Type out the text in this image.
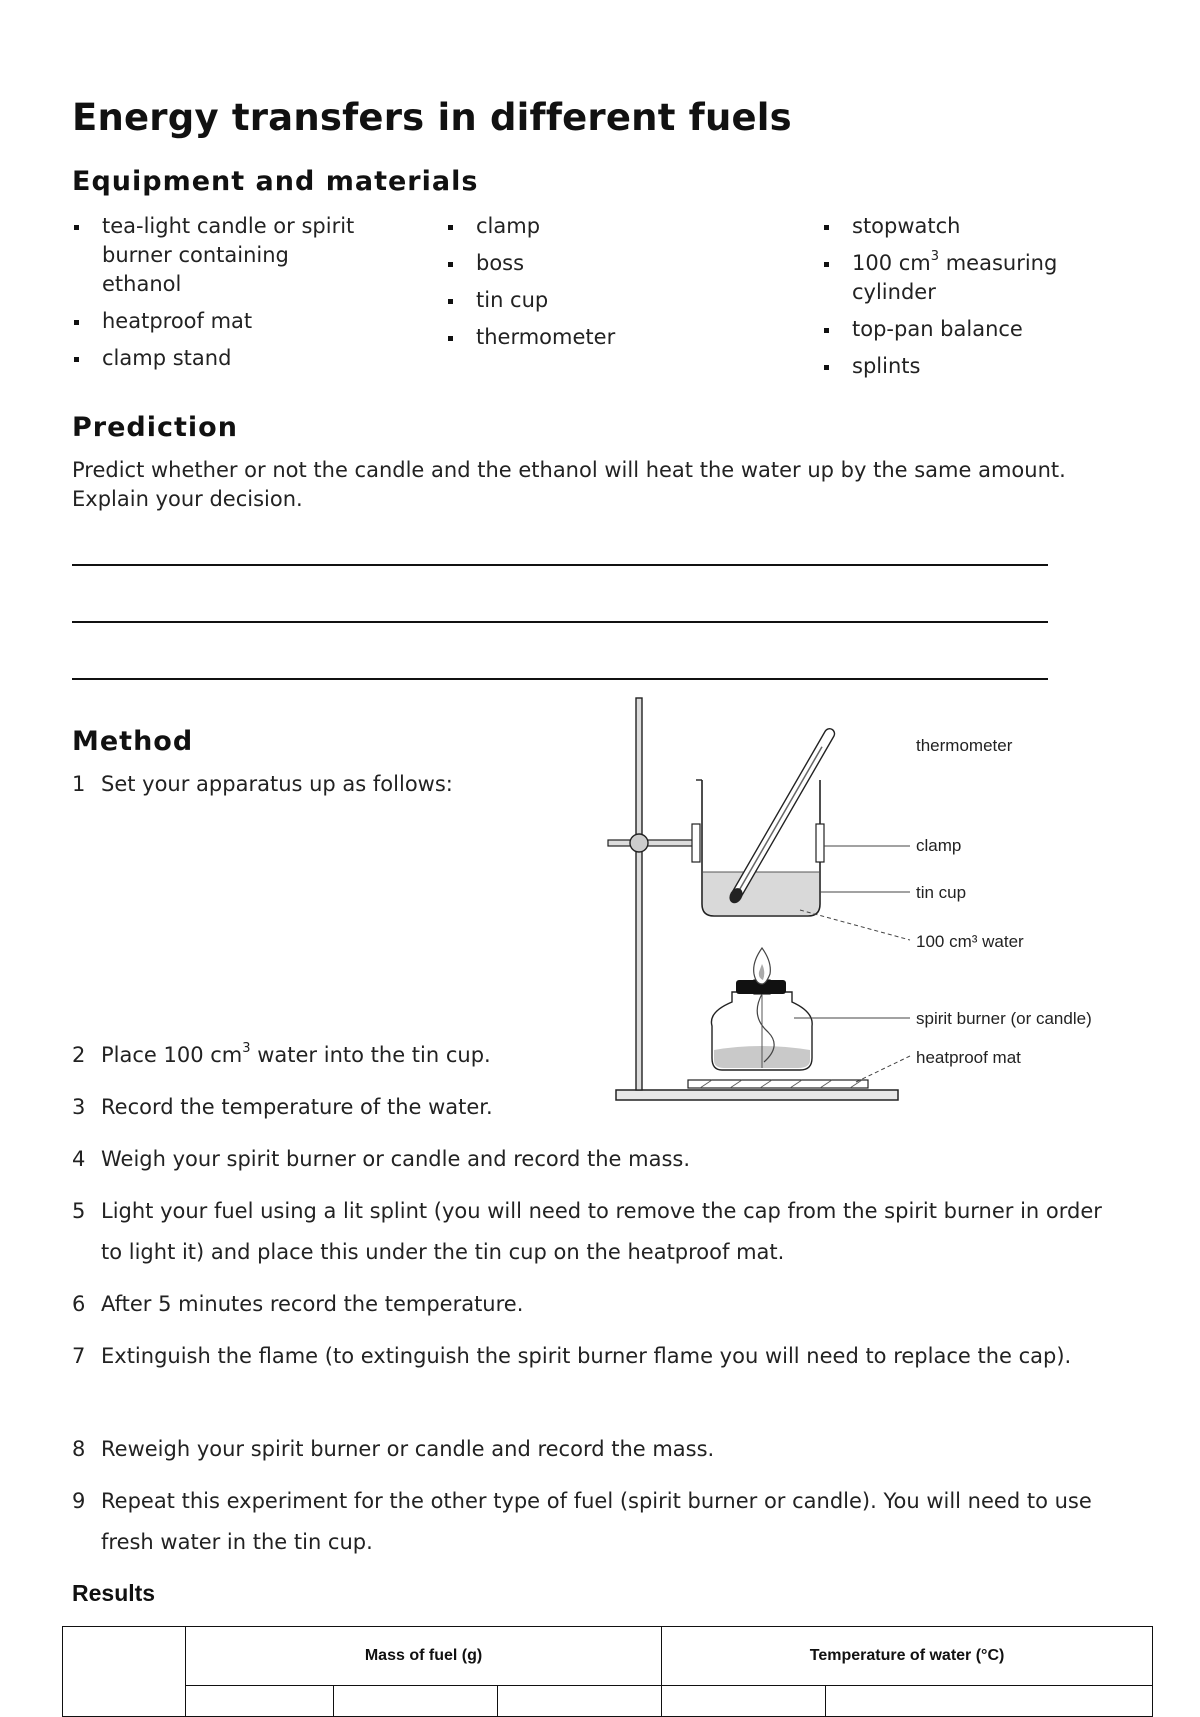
Energy transfers in different fuels
Equipment and materials
tea-light candle or spirit burner containing ethanol
heatproof mat
clamp stand
clamp
boss
tin cup
thermometer
stopwatch
100 $cm^3$ measuring cylinder
top-pan balance
splints
Prediction
Predict whether or not the candle and the ethanol will heat the water up by the same amount. Explain your decision.
Method
1 Set your apparatus up as follows:
2 Place 100 $cm^3$ water into the tin cup.
3 Record the temperature of the water.
4 Weigh your spirit burner or candle and record the mass.
5 Light your fuel using a lit splint (you will need to remove the cap from the spirit burner in order to light it) and place this under the tin cup on the heatproof mat.
6 After 5 minutes record the temperature.
7 Extinguish the flame (to extinguish the spirit burner flame you will need to replace the cap).
8 Reweigh your spirit burner or candle and record the mass.
9 Repeat this experiment for the other type of fuel (spirit burner or candle). You will need to use fresh water in the tin cup.
thermometer
clamp
tin cup
100 cm³ water
spirit burner (or candle)
heatproof mat
Results
	Mass of fuel (g)			Temperature of water (°C)	
